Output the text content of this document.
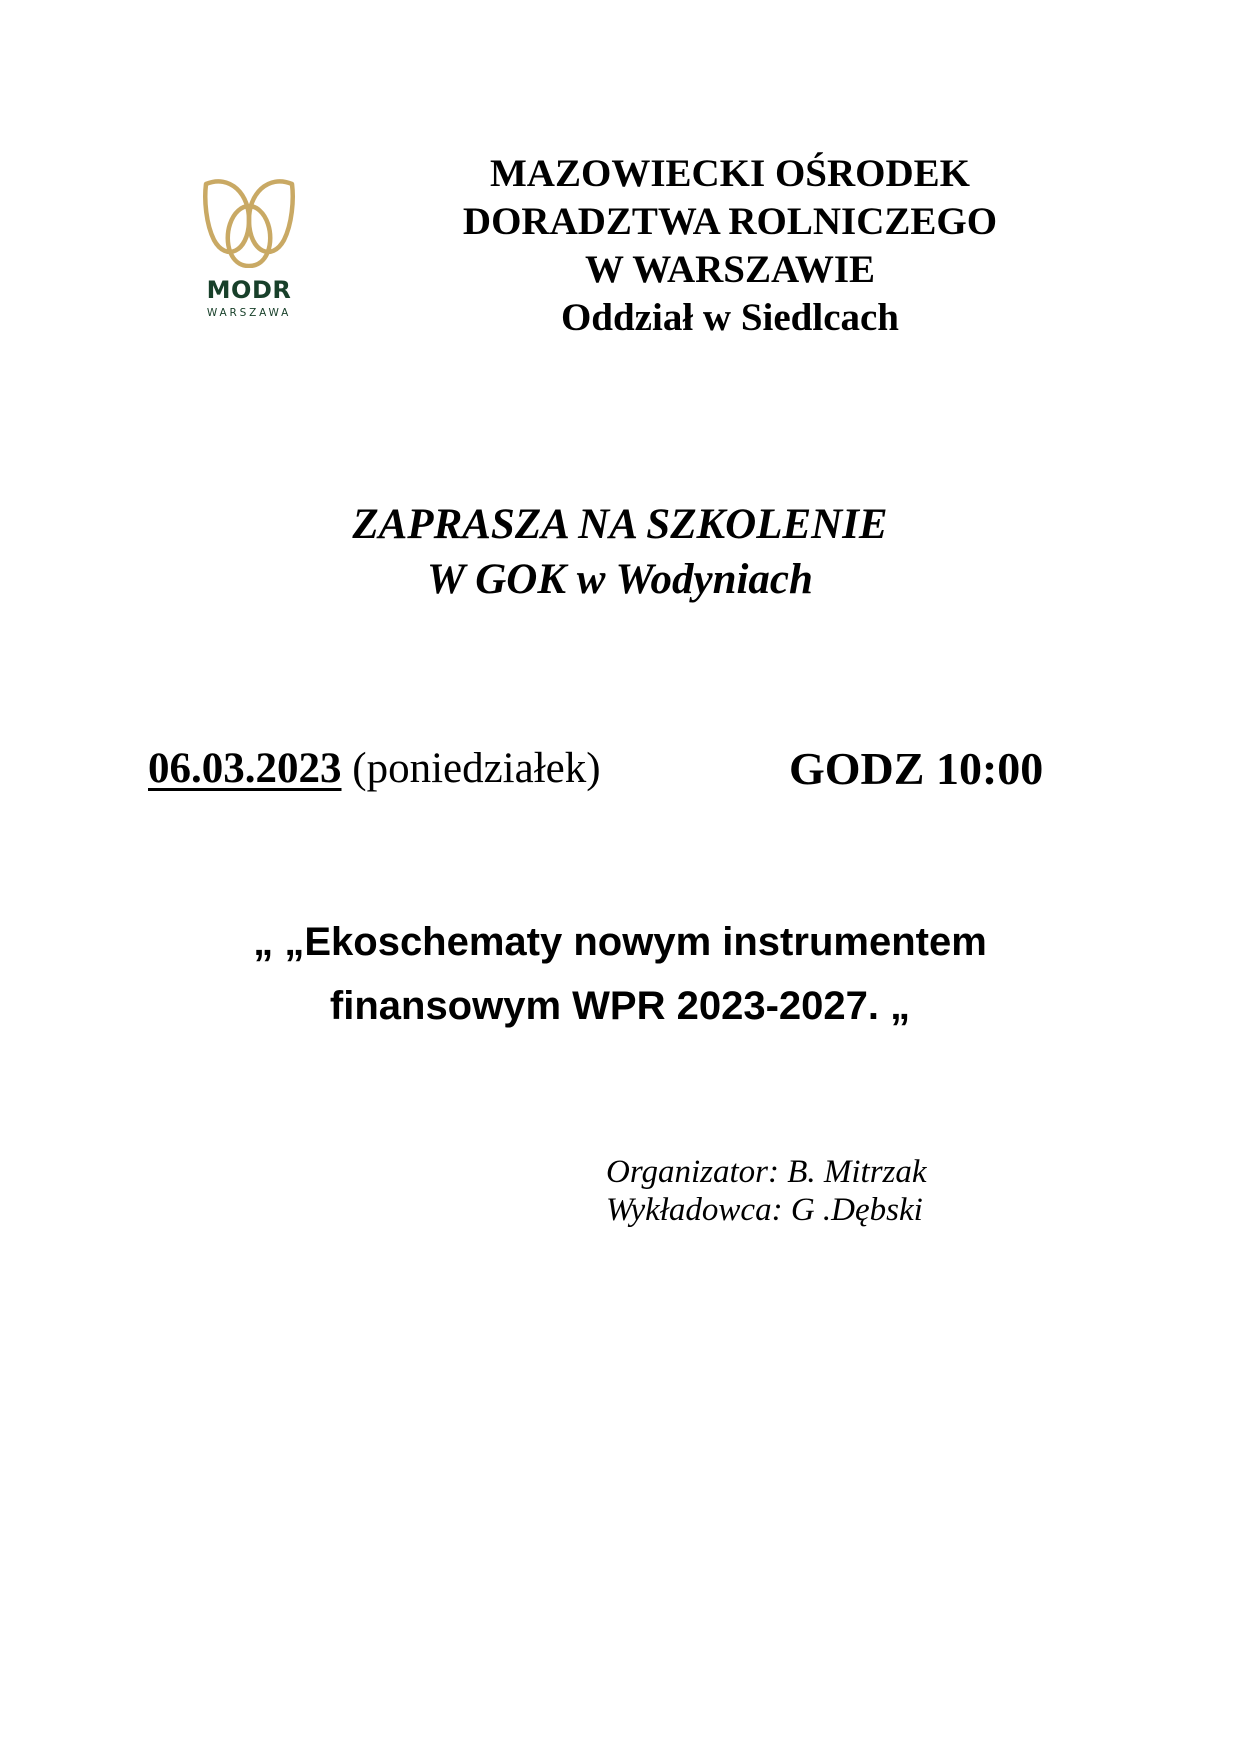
MODR
WARSZAWA
MAZOWIECKI OŚRODEK
DORADZTWA ROLNICZEGO
W WARSZAWIE
Oddział w Siedlcach
ZAPRASZA NA SZKOLENIE
W GOK w Wodyniach
06.03.2023 (poniedziałek)	GODZ 10:00
„ „Ekoschematy nowym instrumentem
finansowym WPR 2023-2027. „
Organizator: B. Mitrzak
Wykładowca: G .Dębski
